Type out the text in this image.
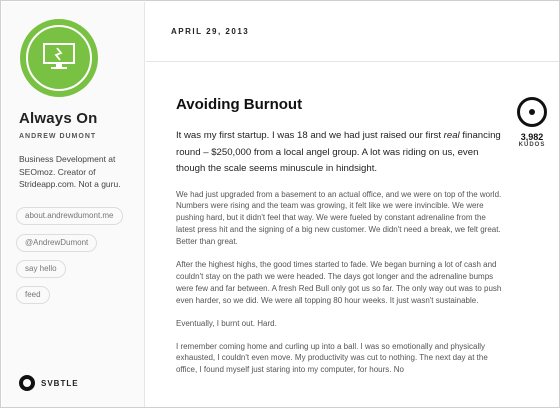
Always On
ANDREW DUMONT
Business Development at SEOmoz. Creator of Strideapp.com. Not a guru.
about.andrewdumont.me
@AndrewDumont
say hello
feed
SVBTLE
APRIL 29, 2013
Avoiding Burnout

It was my first startup. I was 18 and we had just raised our first real financing round – $250,000 from a local angel group. A lot was riding on us, even though the scale seems minuscule in hindsight.

We had just upgraded from a basement to an actual office, and we were on top of the world. Numbers were rising and the team was growing, it felt like we were invincible. We were pushing hard, but it didn't feel that way. We were fueled by constant adrenaline from the latest press hit and the signing of a big new customer. We didn't need a break, we felt great. Better than great.

After the highest highs, the good times started to fade. We began burning a lot of cash and couldn't stay on the path we were headed. The days got longer and the adrenaline bumps were few and far between. A fresh Red Bull only got us so far. The only way out was to push even harder, so we did. We were all topping 80 hour weeks. It just wasn't sustainable.

Eventually, I burnt out. Hard.

I remember coming home and curling up into a ball. I was so emotionally and physically exhausted, I couldn't even move. My productivity was cut to nothing. The next day at the office, I found myself just staring into my computer, for hours. No

3,982
KUDOS
